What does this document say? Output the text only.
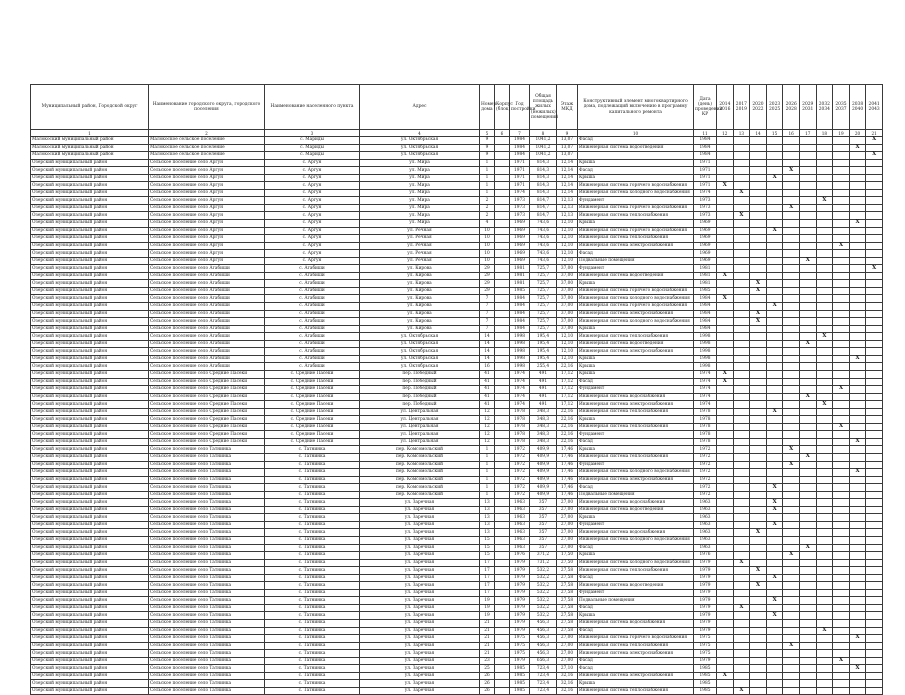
Муниципальный район, Городской округ	Наименование городского округа, городского поселения	Наименование населенного пункта	Адрес	Номер дома	Корпус (блок)	Год постройки	Общая площадь жилых (нежилых) помещений	Этаж МКД	Конструктивный элемент многоквартирного дома, подлежащий включению в программу капитального ремонта	Дата (день) проведения КР	2014 2016	2017 2019	2020 2022	2023 2025	2026 2028	2029 2031	2032 2034	2035 2037	2038 2040	2041 2043
1	2	3	4	5	6	7	8	9	10	11	12	13	14	15	16	17	18	19	20	21
Малокоский муниципальный район	Малокоское сельское поселение	с. Мариды	ул. Октябрьская	9		1984	1041,2	13,07	Фасад	1984										X
Малокоский муниципальный район	Малокоское сельское поселение	с. Мариды	ул. Октябрьская	9		1984	1041,2	13,07	Инженерная система водоотведения	1984									X	
Малокоский муниципальный район	Малокоское сельское поселение	с. Мариды	ул. Октябрьская	9		1984	1041,2	13,07		1984										X
Озерский муниципальный район	Сельское поселение село Аргун	с. Аргун	ул. Мира	1		1971	814,3	12,14	Крыша	1971										
Озерский муниципальный район	Сельское поселение село Аргун	с. Аргун	ул. Мира	1		1971	814,3	12,14	Фасад	1971					X					
Озерский муниципальный район	Сельское поселение село Аргун	с. Аргун	ул. Мира	1		1971	814,3	12,14	Крыша	1971				X						
Озерский муниципальный район	Сельское поселение село Аргун	с. Аргун	ул. Мира	1		1971	814,3	12,14	Инженерная система горячего водоснабжения	1971	X									
Озерский муниципальный район	Сельское поселение село Аргун	с. Аргун	ул. Мира	1		1974	814,3	12,14	Инженерная система холодного водоснабжения	1974		X								
Озерский муниципальный район	Сельское поселение село Аргун	с. Аргун	ул. Мира	2		1973	814,7	12,13	Фундамент	1973							X			
Озерский муниципальный район	Сельское поселение село Аргун	с. Аргун	ул. Мира	2		1973	814,7	12,13	Инженерная система горячего водоснабжения	1973					X					
Озерский муниципальный район	Сельское поселение село Аргун	с. Аргун	ул. Мира	2		1973	814,7	12,13	Инженерная система теплоснабжения	1973		X								
Озерский муниципальный район	Сельское поселение село Аргун	с. Аргун	ул. Мира	4		1969	743,6	12,10	Крыша	1969									X	
Озерский муниципальный район	Сельское поселение село Аргун	с. Аргун	ул. Речная	10		1969	743,6	12,10	Инженерная система горячего водоснабжения	1969				X						
Озерский муниципальный район	Сельское поселение село Аргун	с. Аргун	ул. Речная	10		1969	743,6	12,10	Инженерная система теплоснабжения	1969										
Озерский муниципальный район	Сельское поселение село Аргун	с. Аргун	ул. Речная	10		1969	743,6	12,10	Инженерная система электроснабжения	1969								X		
Озерский муниципальный район	Сельское поселение село Аргун	с. Аргун	ул. Речная	10		1969	743,6	12,10	Фасад	1969										
Озерский муниципальный район	Сельское поселение село Аргун	с. Аргун	ул. Речная	10		1969	743,6	12,10	Подвальные помещения	1969						X				
Озерский муниципальный район	Сельское поселение село Агабиши	с. Агабиши	ул. Кирова	29		1981	725,7	37,00	Фундамент	1981										X
Озерский муниципальный район	Сельское поселение село Агабиши	с. Агабиши	ул. Кирова	29		1981	725,7	37,00	Инженерная система водоотведения	1981	X									
Озерский муниципальный район	Сельское поселение село Агабиши	с. Агабиши	ул. Кирова	29		1981	725,7	37,00	Крыша	1981			X							
Озерский муниципальный район	Сельское поселение село Агабиши	с. Агабиши	ул. Кирова	29		1985	725,7	37,00	Инженерная система горячего водоснабжения	1985			X							
Озерский муниципальный район	Сельское поселение село Агабиши	с. Агабиши	ул. Кирова	7		1984	725,7	37,00	Инженерная система холодного водоснабжения	1984	X									
Озерский муниципальный район	Сельское поселение село Агабиши	с. Агабиши	ул. Кирова	7		1984	725,7	37,00	Инженерная система горячего водоснабжения	1984				X						
Озерский муниципальный район	Сельское поселение село Агабиши	с. Агабиши	ул. Кирова	7		1984	725,7	37,00	Инженерная система электроснабжения	1984			X							
Озерский муниципальный район	Сельское поселение село Агабиши	с. Агабиши	ул. Кирова	7		1984	725,7	37,00	Инженерная система холодного водоснабжения	1984			X							
Озерский муниципальный район	Сельское поселение село Агабиши	с. Агабиши	ул. Кирова	7		1984	725,7	37,00	Крыша	1984										
Озерский муниципальный район	Сельское поселение село Агабиши	с. Агабиши	ул. Октябрьская	14		1998	195,4	12,10	Инженерная система теплоснабжения	1998							X			
Озерский муниципальный район	Сельское поселение село Агабиши	с. Агабиши	ул. Октябрьская	14		1998	195,4	12,10	Инженерная система водоотведения	1998						X				
Озерский муниципальный район	Сельское поселение село Агабиши	с. Агабиши	ул. Октябрьская	14		1998	195,4	12,10	Инженерная система электроснабжения	1998										
Озерский муниципальный район	Сельское поселение село Агабиши	с. Агабиши	ул. Октябрьская	14		1998	195,4	12,10	Крыша	1998									X	
Озерский муниципальный район	Сельское поселение село Агабиши	с. Агабиши	ул. Октябрьская	16		1998	255,4	22,16	Крыша	1998										
Озерский муниципальный район	Сельское поселение село Средние Пасеки	с. Средние Пасеки	пер. Победный	41		1974	491	17,12	Крыша	1974	X									
Озерский муниципальный район	Сельское поселение село Средние Пасеки	с. Средние Пасеки	пер. Победный	41		1974	491	17,12	Фасад	1974	X									
Озерский муниципальный район	Сельское поселение село Средние Пасеки	с. Средние Пасеки	пер. Победный	41		1974	491	17,12	Фундамент	1974								X		
Озерский муниципальный район	Сельское поселение село Средние Пасеки	с. Средние Пасеки	пер. Победный	41		1974	491	17,12	Инженерная система водоснабжения	1974						X				
Озерский муниципальный район	Сельское поселение село Средние Пасеки	с. Средние Пасеки	пер. Победный	41		1974	491	17,12	Инженерная система электроснабжения	1974							X			
Озерский муниципальный район	Сельское поселение село Средние Пасеки	с. Средние Пасеки	ул. Центральная	12		1978	348,3	22,16	Инженерная система теплоснабжения	1978				X						
Озерский муниципальный район	Сельское поселение село Средние Пасеки	с. Средние Пасеки	ул. Центральная	12		1978	348,3	22,16	Крыша	1978										
Озерский муниципальный район	Сельское поселение село Средние Пасеки	с. Средние Пасеки	ул. Центральная	12		1978	348,3	22,16	Инженерная система теплоснабжения	1978								X		
Озерский муниципальный район	Сельское поселение село Средние Пасеки	с. Средние Пасеки	ул. Центральная	12		1978	348,3	22,16	Фундамент	1978										
Озерский муниципальный район	Сельское поселение село Средние Пасеки	с. Средние Пасеки	ул. Центральная	12		1978	348,3	22,16	Фасад	1978									X	
Озерский муниципальный район	Сельское поселение село Татнинка	с. Татнинка	пер. Комсомольский	1		1972	409,9	17,46	Крыша	1972					X					
Озерский муниципальный район	Сельское поселение село Татнинка	с. Татнинка	пер. Комсомольский	1		1972	409,9	17,46	Инженерная система теплоснабжения	1972						X				
Озерский муниципальный район	Сельское поселение село Татнинка	с. Татнинка	пер. Комсомольский	1		1972	409,9	17,46	Фундамент	1972					X					
Озерский муниципальный район	Сельское поселение село Татнинка	с. Татнинка	пер. Комсомольский	1		1972	409,9	17,46	Инженерная система холодного водоснабжения	1972									X	
Озерский муниципальный район	Сельское поселение село Татнинка	с. Татнинка	пер. Комсомольский	1		1972	409,9	17,46	Инженерная система электроснабжения	1972										
Озерский муниципальный район	Сельское поселение село Татнинка	с. Татнинка	пер. Комсомольский	1		1972	409,9	17,46	Фасад	1972				X						
Озерский муниципальный район	Сельское поселение село Татнинка	с. Татнинка	пер. Комсомольский	1		1972	409,9	17,46	Подвальные помещения	1972										
Озерский муниципальный район	Сельское поселение село Татнинка	с. Татнинка	ул. Заречная	13		1963	357	27,00	Инженерная система водоснабжения	1963				X						
Озерский муниципальный район	Сельское поселение село Татнинка	с. Татнинка	ул. Заречная	13		1963	357	27,00	Инженерная система водоотведения	1963				X						
Озерский муниципальный район	Сельское поселение село Татнинка	с. Татнинка	ул. Заречная	13		1963	357	27,00	Крыша	1963										
Озерский муниципальный район	Сельское поселение село Татнинка	с. Татнинка	ул. Заречная	13		1963	357	27,00	Фундамент	1963				X						
Озерский муниципальный район	Сельское поселение село Татнинка	с. Татнинка	ул. Заречная	13		1963	357	27,00	Инженерная система водоснабжения	1963			X							
Озерский муниципальный район	Сельское поселение село Татнинка	с. Татнинка	ул. Заречная	15		1963	357	27,00	Инженерная система холодного водоснабжения	1963										
Озерский муниципальный район	Сельское поселение село Татнинка	с. Татнинка	ул. Заречная	15		1963	357	27,00	Фасад	1963						X				
Озерский муниципальный район	Сельское поселение село Татнинка	с. Татнинка	ул. Заречная	15		1976	371,2	17,50	Крыша	1976					X					
Озерский муниципальный район	Сельское поселение село Татнинка	с. Татнинка	ул. Заречная	17		1979	731,2	27,50	Инженерная система холодного водоснабжения	1979		X								
Озерский муниципальный район	Сельское поселение село Татнинка	с. Татнинка	ул. Заречная	17		1979	532,2	27,58	Инженерная система теплоснабжения	1979			X							
Озерский муниципальный район	Сельское поселение село Татнинка	с. Татнинка	ул. Заречная	17		1979	532,2	27,58	Фасад	1979				X						
Озерский муниципальный район	Сельское поселение село Татнинка	с. Татнинка	ул. Заречная	17		1979	532,2	27,58	Инженерная система водоотведения	1979			X							
Озерский муниципальный район	Сельское поселение село Татнинка	с. Татнинка	ул. Заречная	17		1979	532,2	27,58	Фундамент	1979										
Озерский муниципальный район	Сельское поселение село Татнинка	с. Татнинка	ул. Заречная	19		1979	532,2	27,58	Подвальные помещения	1979				X						
Озерский муниципальный район	Сельское поселение село Татнинка	с. Татнинка	ул. Заречная	19		1979	532,2	27,58	Фасад	1979		X								
Озерский муниципальный район	Сельское поселение село Татнинка	с. Татнинка	ул. Заречная	19		1979	532,2	27,58	Крыша	1979				X						
Озерский муниципальный район	Сельское поселение село Татнинка	с. Татнинка	ул. Заречная	21		1979	456,3	27,58	Инженерная система водоснабжения	1979										
Озерский муниципальный район	Сельское поселение село Татнинка	с. Татнинка	ул. Заречная	21		1979	456,3	27,58	Фасад	1979							X			
Озерский муниципальный район	Сельское поселение село Татнинка	с. Татнинка	ул. Заречная	21		1975	456,3	27,00	Инженерная система горячего водоснабжения	1975									X	
Озерский муниципальный район	Сельское поселение село Татнинка	с. Татнинка	ул. Заречная	21		1975	456,3	27,00	Инженерная система теплоснабжения	1975					X					
Озерский муниципальный район	Сельское поселение село Татнинка	с. Татнинка	ул. Заречная	21		1975	456,3	27,00	Инженерная система электроснабжения	1975										
Озерский муниципальный район	Сельское поселение село Татнинка	с. Татнинка	ул. Заречная	23		1979	656,3	27,00	Фасад	1979								X		
Озерский муниципальный район	Сельское поселение село Татнинка	с. Татнинка	ул. Заречная	25		1985	723,4	27,10	Фасад	1985									X	
Озерский муниципальный район	Сельское поселение село Татнинка	с. Татнинка	ул. Заречная	26		1985	723,4	32,16	Инженерная система электроснабжения	1985	X									
Озерский муниципальный район	Сельское поселение село Татнинка	с. Татнинка	ул. Заречная	26		1985	723,4	32,16	Крыша	1985										
Озерский муниципальный район	Сельское поселение село Татнинка	с. Татнинка	ул. Заречная	26		1985	723,4	32,16	Инженерная система теплоснабжения	1985		X								
